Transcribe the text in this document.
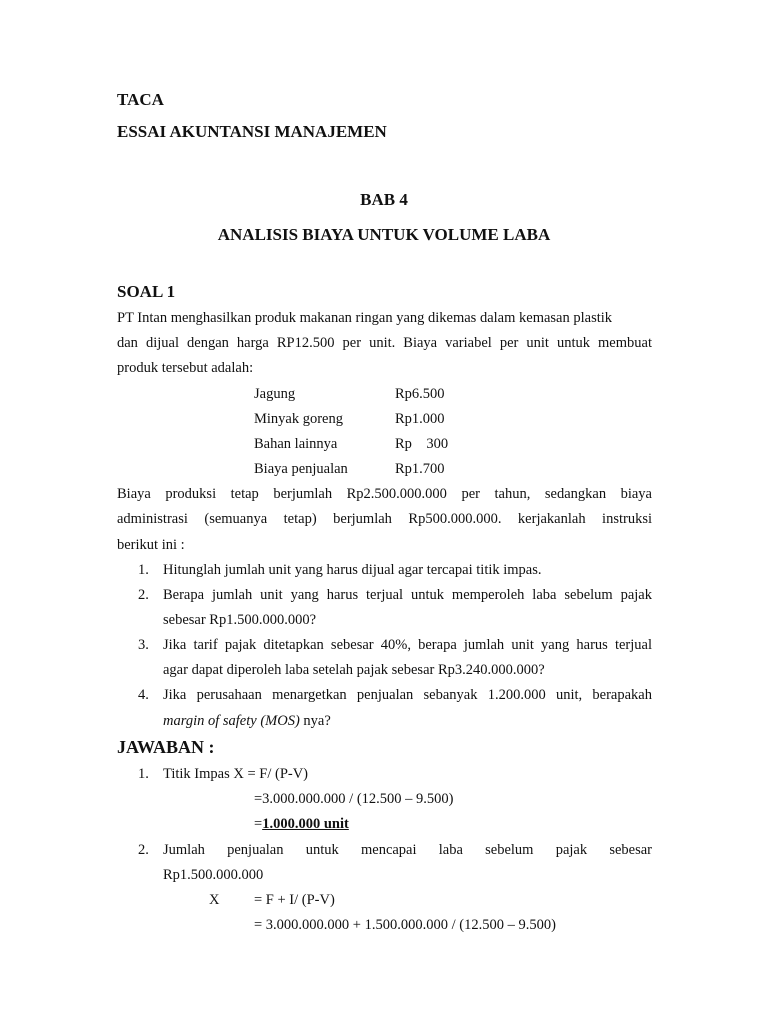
TACA
ESSAI AKUNTANSI MANAJEMEN
BAB 4
ANALISIS BIAYA UNTUK VOLUME LABA
SOAL 1
PT Intan menghasilkan produk makanan ringan yang dikemas dalam kemasan plastik
dan dijual dengan harga RP12.500 per unit. Biaya variabel per unit untuk membuat
produk tersebut adalah:
Jagung	Rp6.500
Minyak goreng	Rp1.000
Bahan lainnya	Rp    300
Biaya penjualan	Rp1.700
Biaya produksi tetap berjumlah Rp2.500.000.000 per tahun, sedangkan biaya
administrasi (semuanya tetap) berjumlah Rp500.000.000. kerjakanlah instruksi
berikut ini :
1. Hitunglah jumlah unit yang harus dijual agar tercapai titik impas.
2. Berapa jumlah unit yang harus terjual untuk memperoleh laba sebelum pajak
sebesar Rp1.500.000.000?
3. Jika tarif pajak ditetapkan sebesar 40%, berapa jumlah unit yang harus terjual
agar dapat diperoleh laba setelah pajak sebesar Rp3.240.000.000?
4. Jika perusahaan menargetkan penjualan sebanyak 1.200.000 unit, berapakah
margin of safety (MOS) nya?
JAWABAN :
1. Titik Impas X = F/ (P-V)
=3.000.000.000 / (12.500 – 9.500)
=1.000.000 unit
2. Jumlah penjualan untuk mencapai laba sebelum pajak sebesar
Rp1.500.000.000
X = F + I/ (P-V)
= 3.000.000.000 + 1.500.000.000 / (12.500 – 9.500)
